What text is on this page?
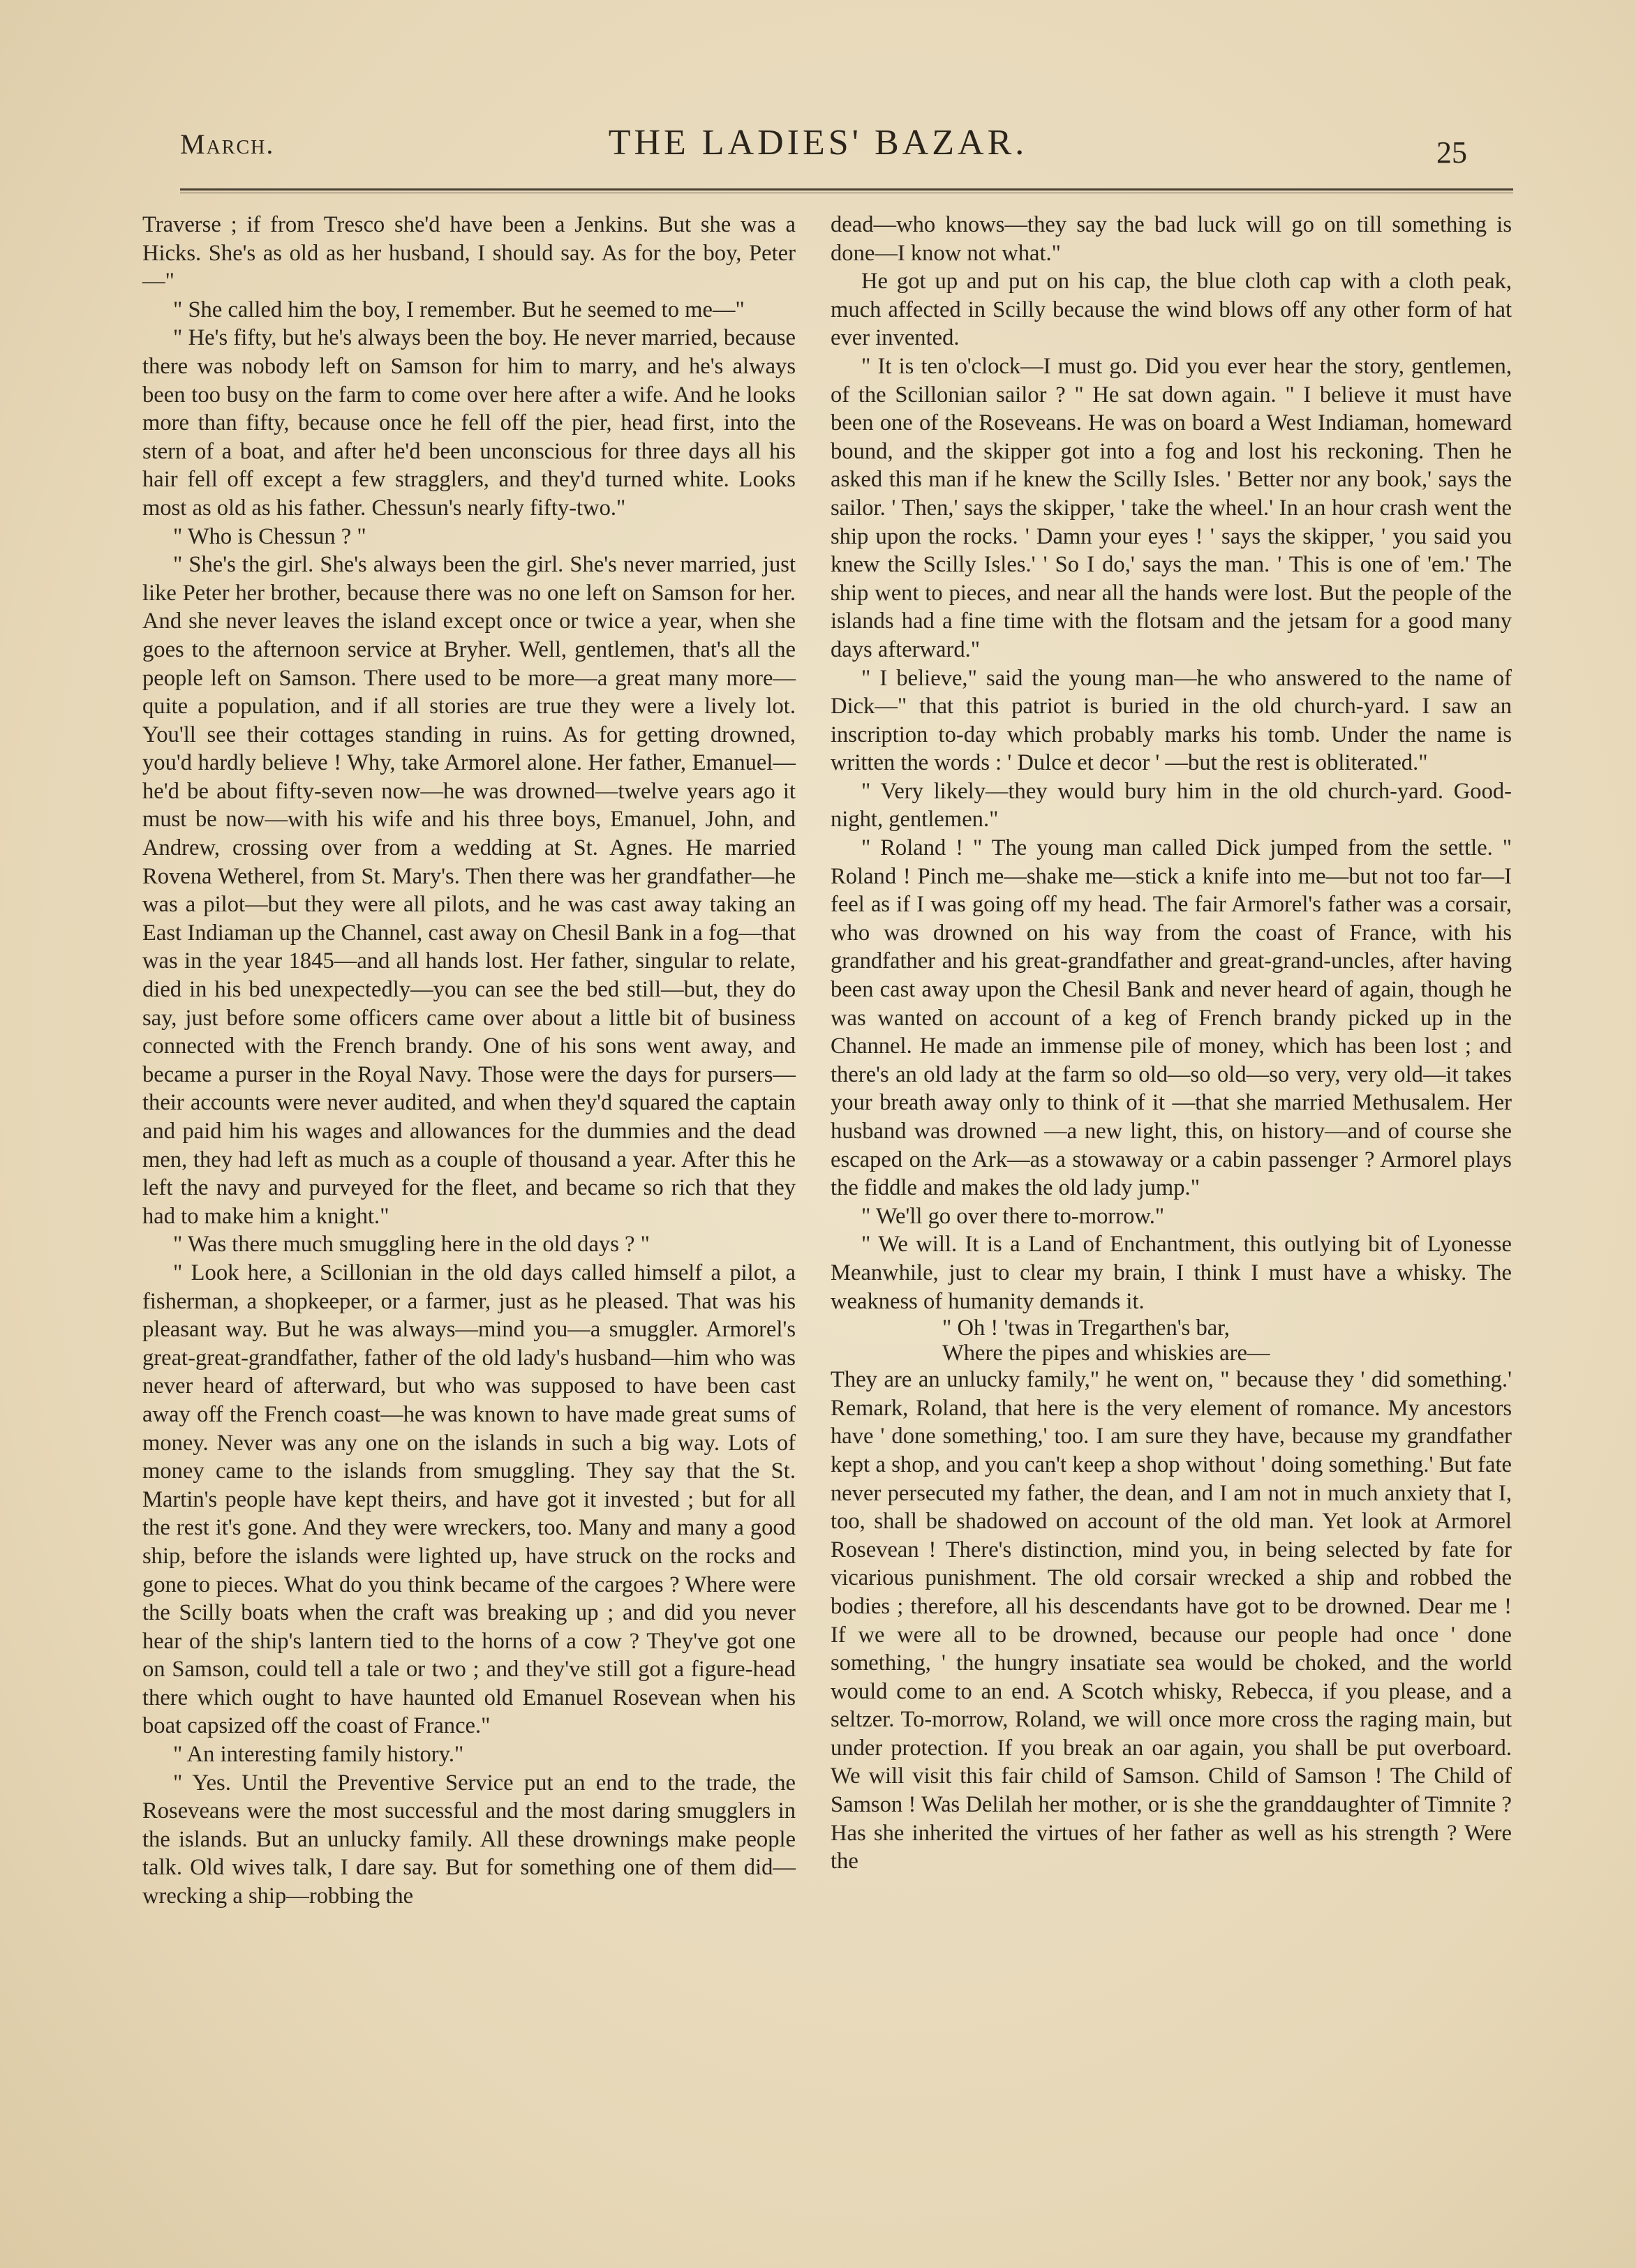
March.	THE LADIES' BAZAR.	25

Traverse ; if from Tresco she'd have been a Jenkins. But she was a Hicks. She's as old as her husband, I should say. As for the boy, Peter—"

" She called him the boy, I remember. But he seemed to me—"

" He's fifty, but he's always been the boy. He never married, because there was nobody left on Samson for him to marry, and he's always been too busy on the farm to come over here after a wife. And he looks more than fifty, because once he fell off the pier, head first, into the stern of a boat, and after he'd been unconscious for three days all his hair fell off except a few stragglers, and they'd turned white. Looks most as old as his father. Chessun's nearly fifty-two."

" Who is Chessun ? "

" She's the girl. She's always been the girl. She's never married, just like Peter her brother, because there was no one left on Samson for her. And she never leaves the island except once or twice a year, when she goes to the afternoon service at Bryher. Well, gentlemen, that's all the people left on Samson. There used to be more—a great many more—quite a population, and if all stories are true they were a lively lot. You'll see their cottages standing in ruins. As for getting drowned, you'd hardly believe ! Why, take Armorel alone. Her father, Emanuel—he'd be about fifty-seven now—he was drowned—twelve years ago it must be now—with his wife and his three boys, Emanuel, John, and Andrew, crossing over from a wedding at St. Agnes. He married Rovena Wetherel, from St. Mary's. Then there was her grandfather—he was a pilot—but they were all pilots, and he was cast away taking an East Indiaman up the Channel, cast away on Chesil Bank in a fog—that was in the year 1845—and all hands lost. Her father, singular to relate, died in his bed unexpectedly—you can see the bed still—but, they do say, just before some officers came over about a little bit of business connected with the French brandy. One of his sons went away, and became a purser in the Royal Navy. Those were the days for pursers—their accounts were never audited, and when they'd squared the captain and paid him his wages and allowances for the dummies and the dead men, they had left as much as a couple of thousand a year. After this he left the navy and purveyed for the fleet, and became so rich that they had to make him a knight."

" Was there much smuggling here in the old days ? "

" Look here, a Scillonian in the old days called himself a pilot, a fisherman, a shopkeeper, or a farmer, just as he pleased. That was his pleasant way. But he was always—mind you—a smuggler. Armorel's great-great-grandfather, father of the old lady's husband—him who was never heard of afterward, but who was supposed to have been cast away off the French coast—he was known to have made great sums of money. Never was any one on the islands in such a big way. Lots of money came to the islands from smuggling. They say that the St. Martin's people have kept theirs, and have got it invested ; but for all the rest it's gone. And they were wreckers, too. Many and many a good ship, before the islands were lighted up, have struck on the rocks and gone to pieces. What do you think became of the cargoes ? Where were the Scilly boats when the craft was breaking up ; and did you never hear of the ship's lantern tied to the horns of a cow ? They've got one on Samson, could tell a tale or two ; and they've still got a figure-head there which ought to have haunted old Emanuel Rosevean when his boat capsized off the coast of France."

" An interesting family history."

" Yes. Until the Preventive Service put an end to the trade, the Roseveans were the most successful and the most daring smugglers in the islands. But an unlucky family. All these drownings make people talk. Old wives talk, I dare say. But for something one of them did—wrecking a ship—robbing the

dead—who knows—they say the bad luck will go on till something is done—I know not what."

He got up and put on his cap, the blue cloth cap with a cloth peak, much affected in Scilly because the wind blows off any other form of hat ever invented.

" It is ten o'clock—I must go. Did you ever hear the story, gentlemen, of the Scillonian sailor ? " He sat down again. " I believe it must have been one of the Roseveans. He was on board a West Indiaman, homeward bound, and the skipper got into a fog and lost his reckoning. Then he asked this man if he knew the Scilly Isles. ' Better nor any book,' says the sailor. ' Then,' says the skipper, ' take the wheel.' In an hour crash went the ship upon the rocks. ' Damn your eyes ! ' says the skipper, ' you said you knew the Scilly Isles.' ' So I do,' says the man. ' This is one of 'em.' The ship went to pieces, and near all the hands were lost. But the people of the islands had a fine time with the flotsam and the jetsam for a good many days afterward."

" I believe," said the young man—he who answered to the name of Dick—" that this patriot is buried in the old church-yard. I saw an inscription to-day which probably marks his tomb. Under the name is written the words : ' Dulce et decor ' —but the rest is obliterated."

" Very likely—they would bury him in the old church-yard. Good-night, gentlemen."

" Roland ! " The young man called Dick jumped from the settle. " Roland ! Pinch me—shake me—stick a knife into me—but not too far—I feel as if I was going off my head. The fair Armorel's father was a corsair, who was drowned on his way from the coast of France, with his grandfather and his great-grandfather and great-grand-uncles, after having been cast away upon the Chesil Bank and never heard of again, though he was wanted on account of a keg of French brandy picked up in the Channel. He made an immense pile of money, which has been lost ; and there's an old lady at the farm so old—so old—so very, very old—it takes your breath away only to think of it —that she married Methusalem. Her husband was drowned —a new light, this, on history—and of course she escaped on the Ark—as a stowaway or a cabin passenger ? Armorel plays the fiddle and makes the old lady jump."

" We'll go over there to-morrow."

" We will. It is a Land of Enchantment, this outlying bit of Lyonesse Meanwhile, just to clear my brain, I think I must have a whisky. The weakness of humanity demands it.

" Oh ! 'twas in Tregarthen's bar,
Where the pipes and whiskies are—

They are an unlucky family," he went on, " because they ' did something.' Remark, Roland, that here is the very element of romance. My ancestors have ' done something,' too. I am sure they have, because my grandfather kept a shop, and you can't keep a shop without ' doing something.' But fate never persecuted my father, the dean, and I am not in much anxiety that I, too, shall be shadowed on account of the old man. Yet look at Armorel Rosevean ! There's distinction, mind you, in being selected by fate for vicarious punishment. The old corsair wrecked a ship and robbed the bodies ; therefore, all his descendants have got to be drowned. Dear me ! If we were all to be drowned, because our people had once ' done something, ' the hungry insatiate sea would be choked, and the world would come to an end. A Scotch whisky, Rebecca, if you please, and a seltzer. To-morrow, Roland, we will once more cross the raging main, but under protection. If you break an oar again, you shall be put overboard. We will visit this fair child of Samson. Child of Samson ! The Child of Samson ! Was Delilah her mother, or is she the granddaughter of Timnite ? Has she inherited the virtues of her father as well as his strength ? Were the
